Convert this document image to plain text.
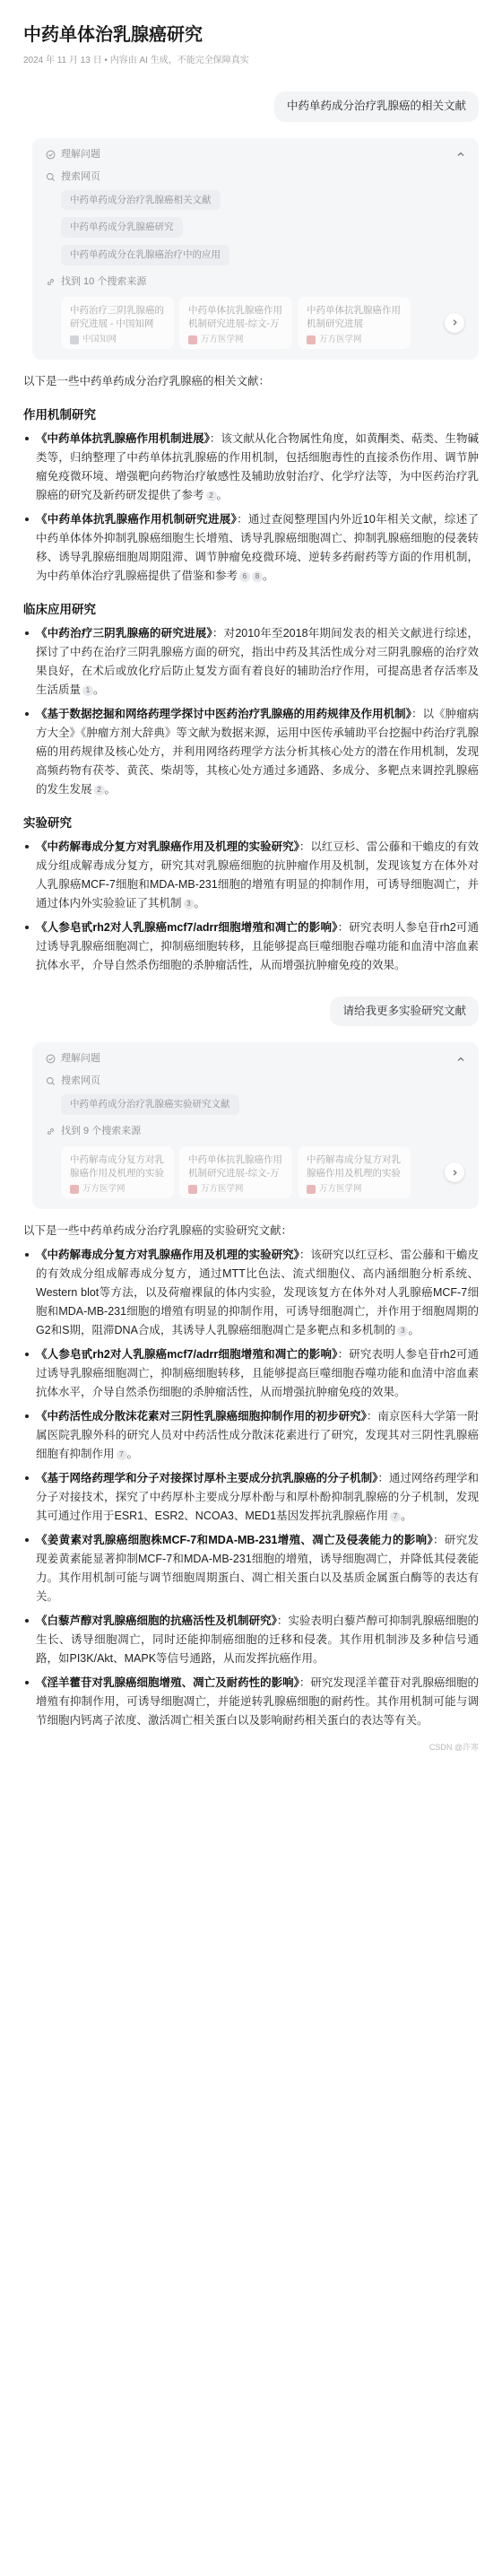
中药单体治乳腺癌研究
2024 年 11 月 13 日 • 内容由 AI 生成，不能完全保障真实
中药单药成分治疗乳腺癌的相关文献
理解问题
搜索网页
中药单药成分治疗乳腺癌相关文献
中药单药成分乳腺癌研究
中药单药成分在乳腺癌治疗中的应用
找到 10 个搜索来源
中药治疗三阴乳腺癌的研究进展 - 中国知网
中国知网
中药单体抗乳腺癌作用机制研究进展-综文-万
万方医学网
中药单体抗乳腺癌作用机制研究进展
万方医学网

以下是一些中药单药成分治疗乳腺癌的相关文献：

作用机制研究
《中药单体抗乳腺癌作用机制进展》：该文献从化合物属性角度，如黄酮类、萜类、生物碱类等，归纳整理了中药单体抗乳腺癌的作用机制，包括细胞毒性的直接杀伤作用、调节肿瘤免疫微环境、增强靶向药物治疗敏感性及辅助放射治疗、化学疗法等，为中医药治疗乳腺癌的研究及新药研发提供了参考 2 。
《中药单体抗乳腺癌作用机制研究进展》：通过查阅整理国内外近10年相关文献，综述了中药单体体外抑制乳腺癌细胞生长增殖、诱导乳腺癌细胞凋亡、抑制乳腺癌细胞的侵袭转移、诱导乳腺癌细胞周期阻滞、调节肿瘤免疫微环境、逆转多药耐药等方面的作用机制，为中药单体治疗乳腺癌提供了借鉴和参考 6 8 。
临床应用研究
《中药治疗三阴乳腺癌的研究进展》：对2010年至2018年期间发表的相关文献进行综述，探讨了中药在治疗三阴乳腺癌方面的研究，指出中药及其活性成分对三阴乳腺癌的治疗效果良好，在术后或放化疗后防止复发方面有着良好的辅助治疗作用，可提高患者存活率及生活质量 1 。
《基于数据挖掘和网络药理学探讨中医药治疗乳腺癌的用药规律及作用机制》：以《肿瘤病方大全》《肿瘤方剂大辞典》等文献为数据来源，运用中医传承辅助平台挖掘中药治疗乳腺癌的用药规律及核心处方，并利用网络药理学方法分析其核心处方的潜在作用机制，发现高频药物有茯苓、黄芪、柴胡等，其核心处方通过多通路、多成分、多靶点来调控乳腺癌的发生发展 2 。
实验研究
《中药解毒成分复方对乳腺癌作用及机理的实验研究》：以红豆杉、雷公藤和干蟾皮的有效成分组成解毒成分复方，研究其对乳腺癌细胞的抗肿瘤作用及机制，发现该复方在体外对人乳腺癌MCF-7细胞和MDA-MB-231细胞的增殖有明显的抑制作用，可诱导细胞凋亡，并通过体内外实验验证了其机制 3 。
《人参皂甙rh2对人乳腺癌mcf7/adrr细胞增殖和凋亡的影响》：研究表明人参皂苷rh2可通过诱导乳腺癌细胞凋亡，抑制癌细胞转移，且能够提高巨噬细胞吞噬功能和血清中溶血素抗体水平，介导自然杀伤细胞的杀肿瘤活性，从而增强抗肿瘤免疫的效果。
请给我更多实验研究文献
理解问题
搜索网页
中药单药成分治疗乳腺癌实验研究文献
找到 9 个搜索来源
中药解毒成分复方对乳腺癌作用及机理的实验
万方医学网
中药单体抗乳腺癌作用机制研究进展-综文-万
万方医学网
中药解毒成分复方对乳腺癌作用及机理的实验
万方医学网

以下是一些中药单药成分治疗乳腺癌的实验研究文献：

《中药解毒成分复方对乳腺癌作用及机理的实验研究》：该研究以红豆杉、雷公藤和干蟾皮的有效成分组成解毒成分复方，通过MTT比色法、流式细胞仪、高内涵细胞分析系统、Western blot等方法，以及荷瘤裸鼠的体内实验，发现该复方在体外对人乳腺癌MCF-7细胞和MDA-MB-231细胞的增殖有明显的抑制作用，可诱导细胞凋亡，并作用于细胞周期的G2和S期，阻滞DNA合成，其诱导人乳腺癌细胞凋亡是多靶点和多机制的 3 。
《人参皂甙rh2对人乳腺癌mcf7/adrr细胞增殖和凋亡的影响》：研究表明人参皂苷rh2可通过诱导乳腺癌细胞凋亡，抑制癌细胞转移，且能够提高巨噬细胞吞噬功能和血清中溶血素抗体水平，介导自然杀伤细胞的杀肿瘤活性，从而增强抗肿瘤免疫的效果。
《中药活性成分散沫花素对三阴性乳腺癌细胞抑制作用的初步研究》：南京医科大学第一附属医院乳腺外科的研究人员对中药活性成分散沫花素进行了研究，发现其对三阴性乳腺癌细胞有抑制作用 7 。
《基于网络药理学和分子对接探讨厚朴主要成分抗乳腺癌的分子机制》：通过网络药理学和分子对接技术，探究了中药厚朴主要成分厚朴酚与和厚朴酚抑制乳腺癌的分子机制，发现其可通过作用于ESR1、ESR2、NCOA3、MED1基因发挥抗乳腺癌作用 7 。
《姜黄素对乳腺癌细胞株MCF-7和MDA-MB-231增殖、凋亡及侵袭能力的影响》：研究发现姜黄素能显著抑制MCF-7和MDA-MB-231细胞的增殖，诱导细胞凋亡，并降低其侵袭能力。其作用机制可能与调节细胞周期蛋白、凋亡相关蛋白以及基质金属蛋白酶等的表达有关。
《白藜芦醇对乳腺癌细胞的抗癌活性及机制研究》：实验表明白藜芦醇可抑制乳腺癌细胞的生长、诱导细胞凋亡，同时还能抑制癌细胞的迁移和侵袭。其作用机制涉及多种信号通路，如PI3K/Akt、MAPK等信号通路，从而发挥抗癌作用。
《淫羊藿苷对乳腺癌细胞增殖、凋亡及耐药性的影响》：研究发现淫羊藿苷对乳腺癌细胞的增殖有抑制作用，可诱导细胞凋亡，并能逆转乳腺癌细胞的耐药性。其作用机制可能与调节细胞内钙离子浓度、激活凋亡相关蛋白以及影响耐药相关蛋白的表达等有关。
CSDN @许寒
